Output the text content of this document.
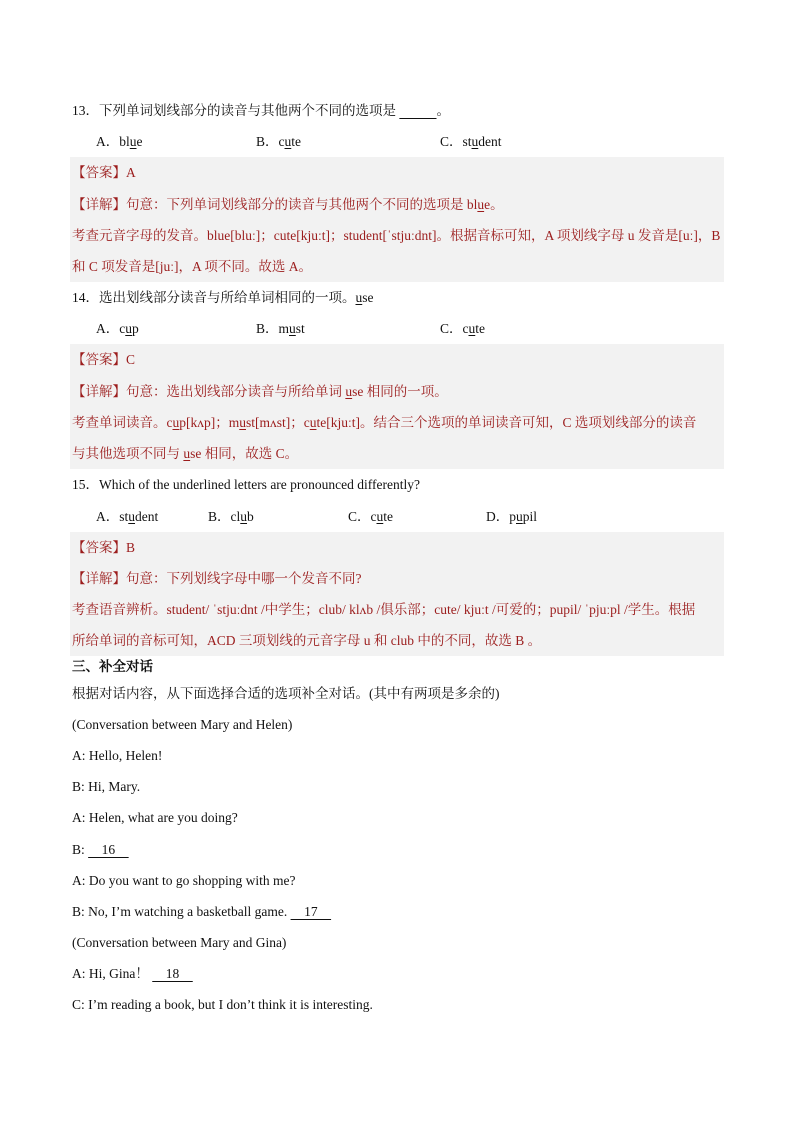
13．下列单词划线部分的读音与其他两个不同的选项是	。
A．blue	B．cute	C．student
【答案】A
【详解】句意：下列单词划线部分的读音与其他两个不同的选项是 blue。
考查元音字母的发音。blue[bluː]；cute[kjuːt]；student[ˈstjuːdnt]。根据音标可知，A 项划线字母 u 发音是[uː]，B
和 C 项发音是[juː]，A 项不同。故选 A。
14．选出划线部分读音与所给单词相同的一项。use
A．cup	B．must	C．cute
【答案】C
【详解】句意：选出划线部分读音与所给单词 use 相同的一项。
考查单词读音。cup[kʌp]；must[mʌst]；cute[kjuːt]。结合三个选项的单词读音可知，C 选项划线部分的读音
与其他选项不同与 use 相同，故选 C。
15．Which of the underlined letters are pronounced differently?
A．student	B．club	C．cute	D．pupil
【答案】B
【详解】句意：下列划线字母中哪一个发音不同?
考查语音辨析。student/ ˈstjuːdnt /中学生；club/ klʌb /俱乐部；cute/ kjuːt /可爱的；pupil/ ˈpjuːpl /学生。根据
所给单词的音标可知，ACD 三项划线的元音字母 u 和 club 中的不同，故选 B 。
三、补全对话
根据对话内容，从下面选择合适的选项补全对话。(其中有两项是多余的)
(Conversation between Mary and Helen)
A: Hello, Helen!
B: Hi, Mary.
A: Helen, what are you doing?
B:     16
A: Do you want to go shopping with me?
B: No, I’m watching a basketball game.     17
(Conversation between Mary and Gina)
A: Hi, Gina！     18
C: I’m reading a book, but I don’t think it is interesting.
